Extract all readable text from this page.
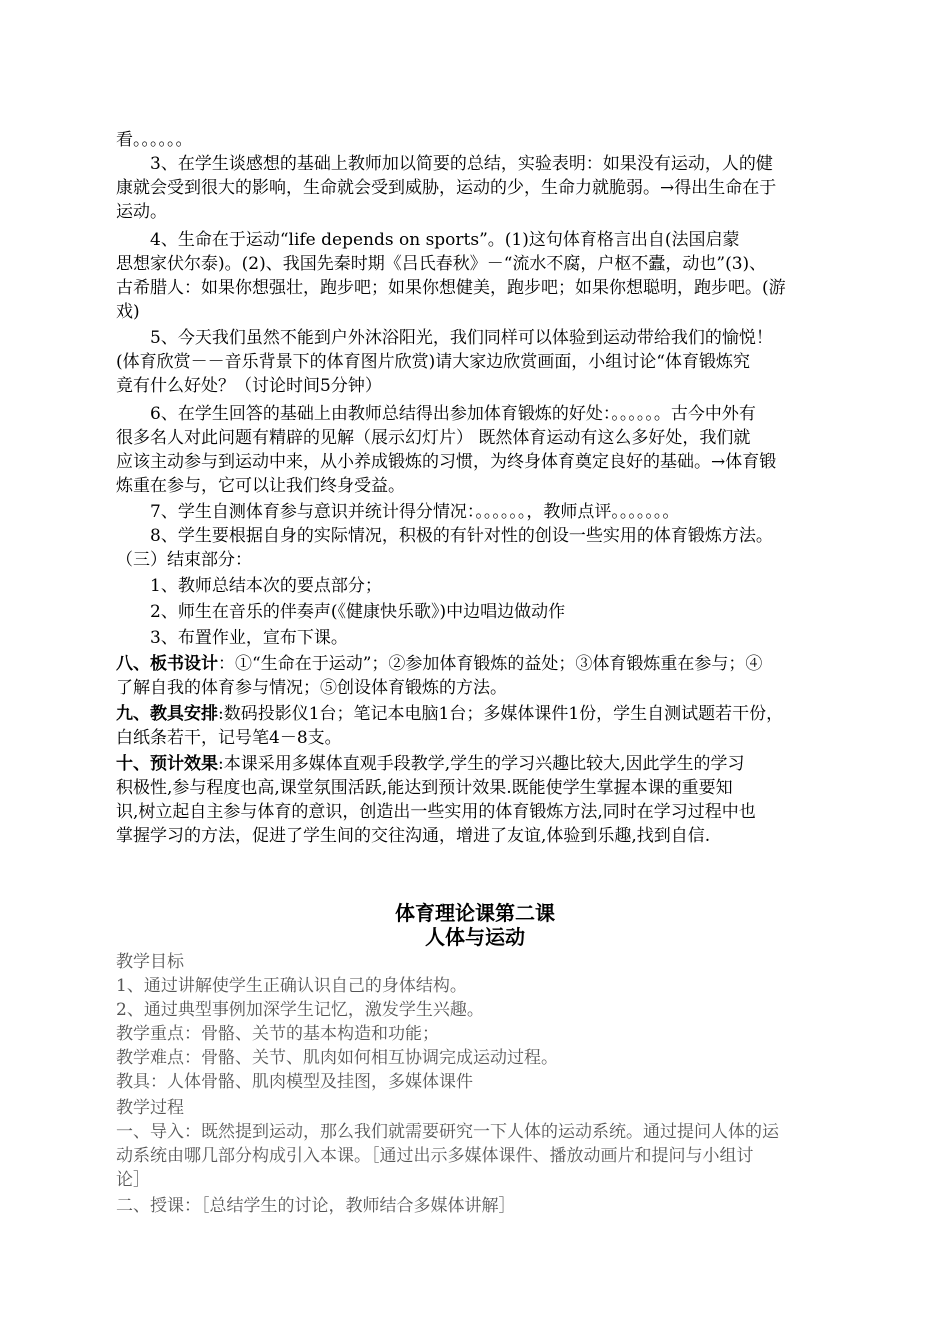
看。。。。。。
3、在学生谈感想的基础上教师加以简要的总结，实验表明：如果没有运动，人的健
康就会受到很大的影响，生命就会受到威胁，运动的少，生命力就脆弱。→得出生命在于
运动。
4、生命在于运动“life depends on sports”。(1)这句体育格言出自(法国启蒙
思想家伏尔泰)。(2)、我国先秦时期《吕氏春秋》－“流水不腐，户枢不蠹，动也”(3)、
古希腊人：如果你想强壮，跑步吧；如果你想健美，跑步吧；如果你想聪明，跑步吧。(游
戏)
5、今天我们虽然不能到户外沐浴阳光，我们同样可以体验到运动带给我们的愉悦！
(体育欣赏－－音乐背景下的体育图片欣赏)请大家边欣赏画面，小组讨论“体育锻炼究
竟有什么好处？（讨论时间5分钟）
6、在学生回答的基础上由教师总结得出参加体育锻炼的好处：。。。。。。古今中外有
很多名人对此问题有精辟的见解（展示幻灯片） 既然体育运动有这么多好处，我们就
应该主动参与到运动中来，从小养成锻炼的习惯，为终身体育奠定良好的基础。→体育锻
炼重在参与，它可以让我们终身受益。
7、学生自测体育参与意识并统计得分情况：。。。。。。，教师点评。。。。。。。
8、学生要根据自身的实际情况，积极的有针对性的创设一些实用的体育锻炼方法。
（三）结束部分：
1、教师总结本次的要点部分；
2、师生在音乐的伴奏声(《健康快乐歌》)中边唱边做动作
3、布置作业，宣布下课。
八、板书设计：①“生命在于运动”；②参加体育锻炼的益处；③体育锻炼重在参与；④
了解自我的体育参与情况；⑤创设体育锻炼的方法。
九、教具安排:数码投影仪1台；笔记本电脑1台；多媒体课件1份，学生自测试题若干份，
白纸条若干，记号笔4－8支。
十、预计效果:本课采用多媒体直观手段教学,学生的学习兴趣比较大,因此学生的学习
积极性,参与程度也高,课堂氛围活跃,能达到预计效果.既能使学生掌握本课的重要知
识,树立起自主参与体育的意识，创造出一些实用的体育锻炼方法,同时在学习过程中也
掌握学习的方法，促进了学生间的交往沟通，增进了友谊,体验到乐趣,找到自信.
体育理论课第二课
人体与运动
教学目标
1、通过讲解使学生正确认识自己的身体结构。
2、通过典型事例加深学生记忆，激发学生兴趣。
教学重点：骨骼、关节的基本构造和功能；
教学难点：骨骼、关节、肌肉如何相互协调完成运动过程。
教具：人体骨骼、肌肉模型及挂图，多媒体课件
教学过程
一、导入：既然提到运动，那么我们就需要研究一下人体的运动系统。通过提问人体的运
动系统由哪几部分构成引入本课。［通过出示多媒体课件、播放动画片和提问与小组讨
论］
二、授课：［总结学生的讨论，教师结合多媒体讲解］
